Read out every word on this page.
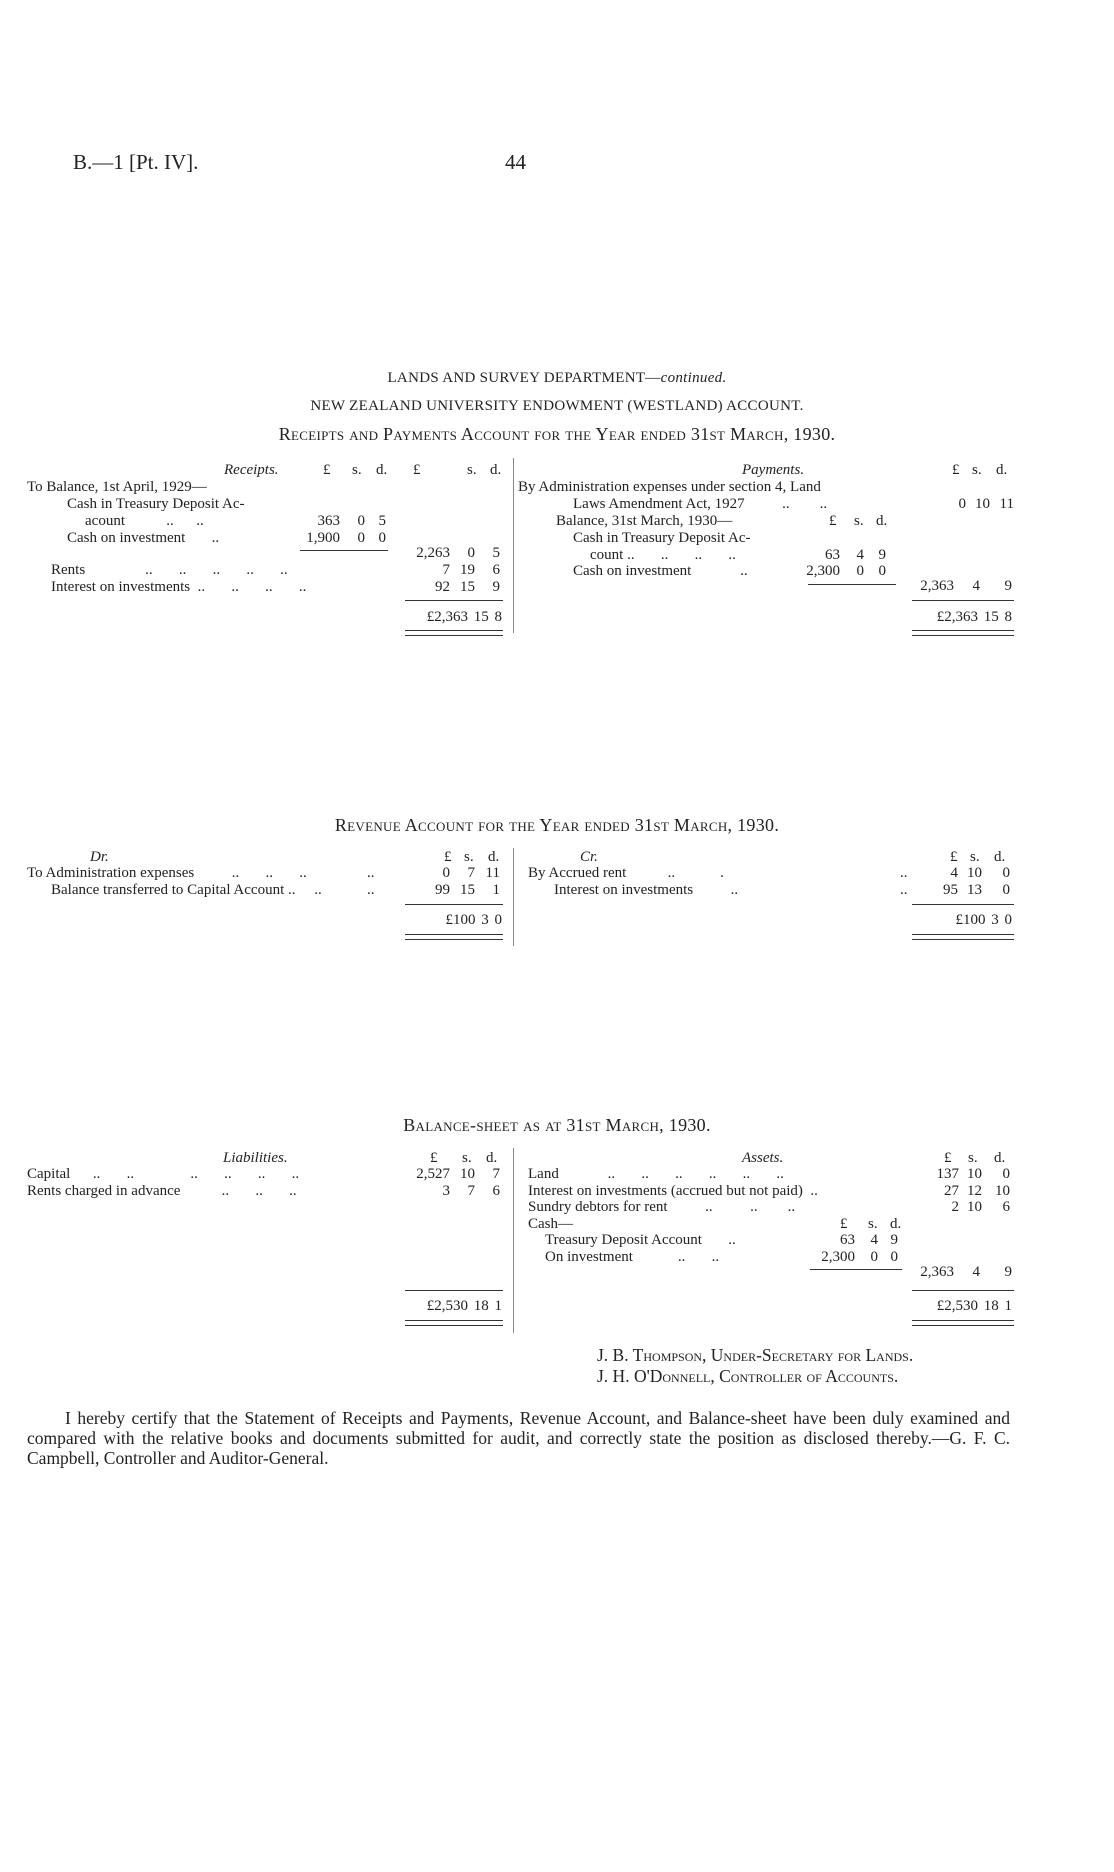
B.—1 [Pt. IV].	44
LANDS AND SURVEY DEPARTMENT—continued.
NEW ZEALAND UNIVERSITY ENDOWMENT (WESTLAND) ACCOUNT.
Receipts and Payments Account for the Year ended 31st March, 1930.
Receipts.	£ s. d. £	s. d.
To Balance, 1st April, 1929—
Cash in Treasury Deposit Ac-
acount           ..      ..	363	0 5
Cash on investment       ..	1,900	0 0
2,263	0	5
Rents                ..       ..       ..       ..       ..	7 19	6
Interest on investments  ..       ..       ..       ..	92 15	9
£2,363 15 8
Payments.	£ s. d.
By Administration expenses under section 4, Land
Laws Amendment Act, 1927          ..        ..	0 10 11
Balance, 31st March, 1930—	£ s. d.
Cash in Treasury Deposit Ac-
count ..       ..       ..       ..	63	4 9
Cash on investment             ..	2,300	0 0
2,363	4	9
£2,363 15 8
Revenue Account for the Year ended 31st March, 1930.
Dr.	£ s. d.
To Administration expenses          ..       ..       ..	0	7 11
Balance transferred to Capital Account ..     ..	99 15	1
£100 3 0
Cr.	£ s. d.
By Accrued rent           ..            .	4 10	0
Interest on investments          ..	95 13	0
..
..
..
..
£100 3 0
Balance-sheet as at 31st March, 1930.
Liabilities.	£ s. d.
Capital      ..       ..               ..       ..       ..       ..	2,527 10	7
Rents charged in advance           ..       ..       ..	3	7	6
£2,530 18 1
Assets.	£ s. d.
Land             ..       ..       ..       ..       ..       ..	137 10	0
Interest on investments (accrued but not paid)  ..	27 12 10
Sundry debtors for rent          ..          ..        ..	2 10	6
Cash—	£ s. d.
Treasury Deposit Account       ..	63	4 9
On investment            ..       ..	2,300	0 0
2,363	4	9
£2,530 18 1
J. B. Thompson, Under-Secretary for Lands.
J. H. O'Donnell, Controller of Accounts.
I hereby certify that the Statement of Receipts and Payments, Revenue Account, and Balance-sheet have been duly examined and compared with the relative books and documents submitted for audit, and correctly state the position as disclosed thereby.—G. F. C. Campbell, Controller and Auditor-General.
